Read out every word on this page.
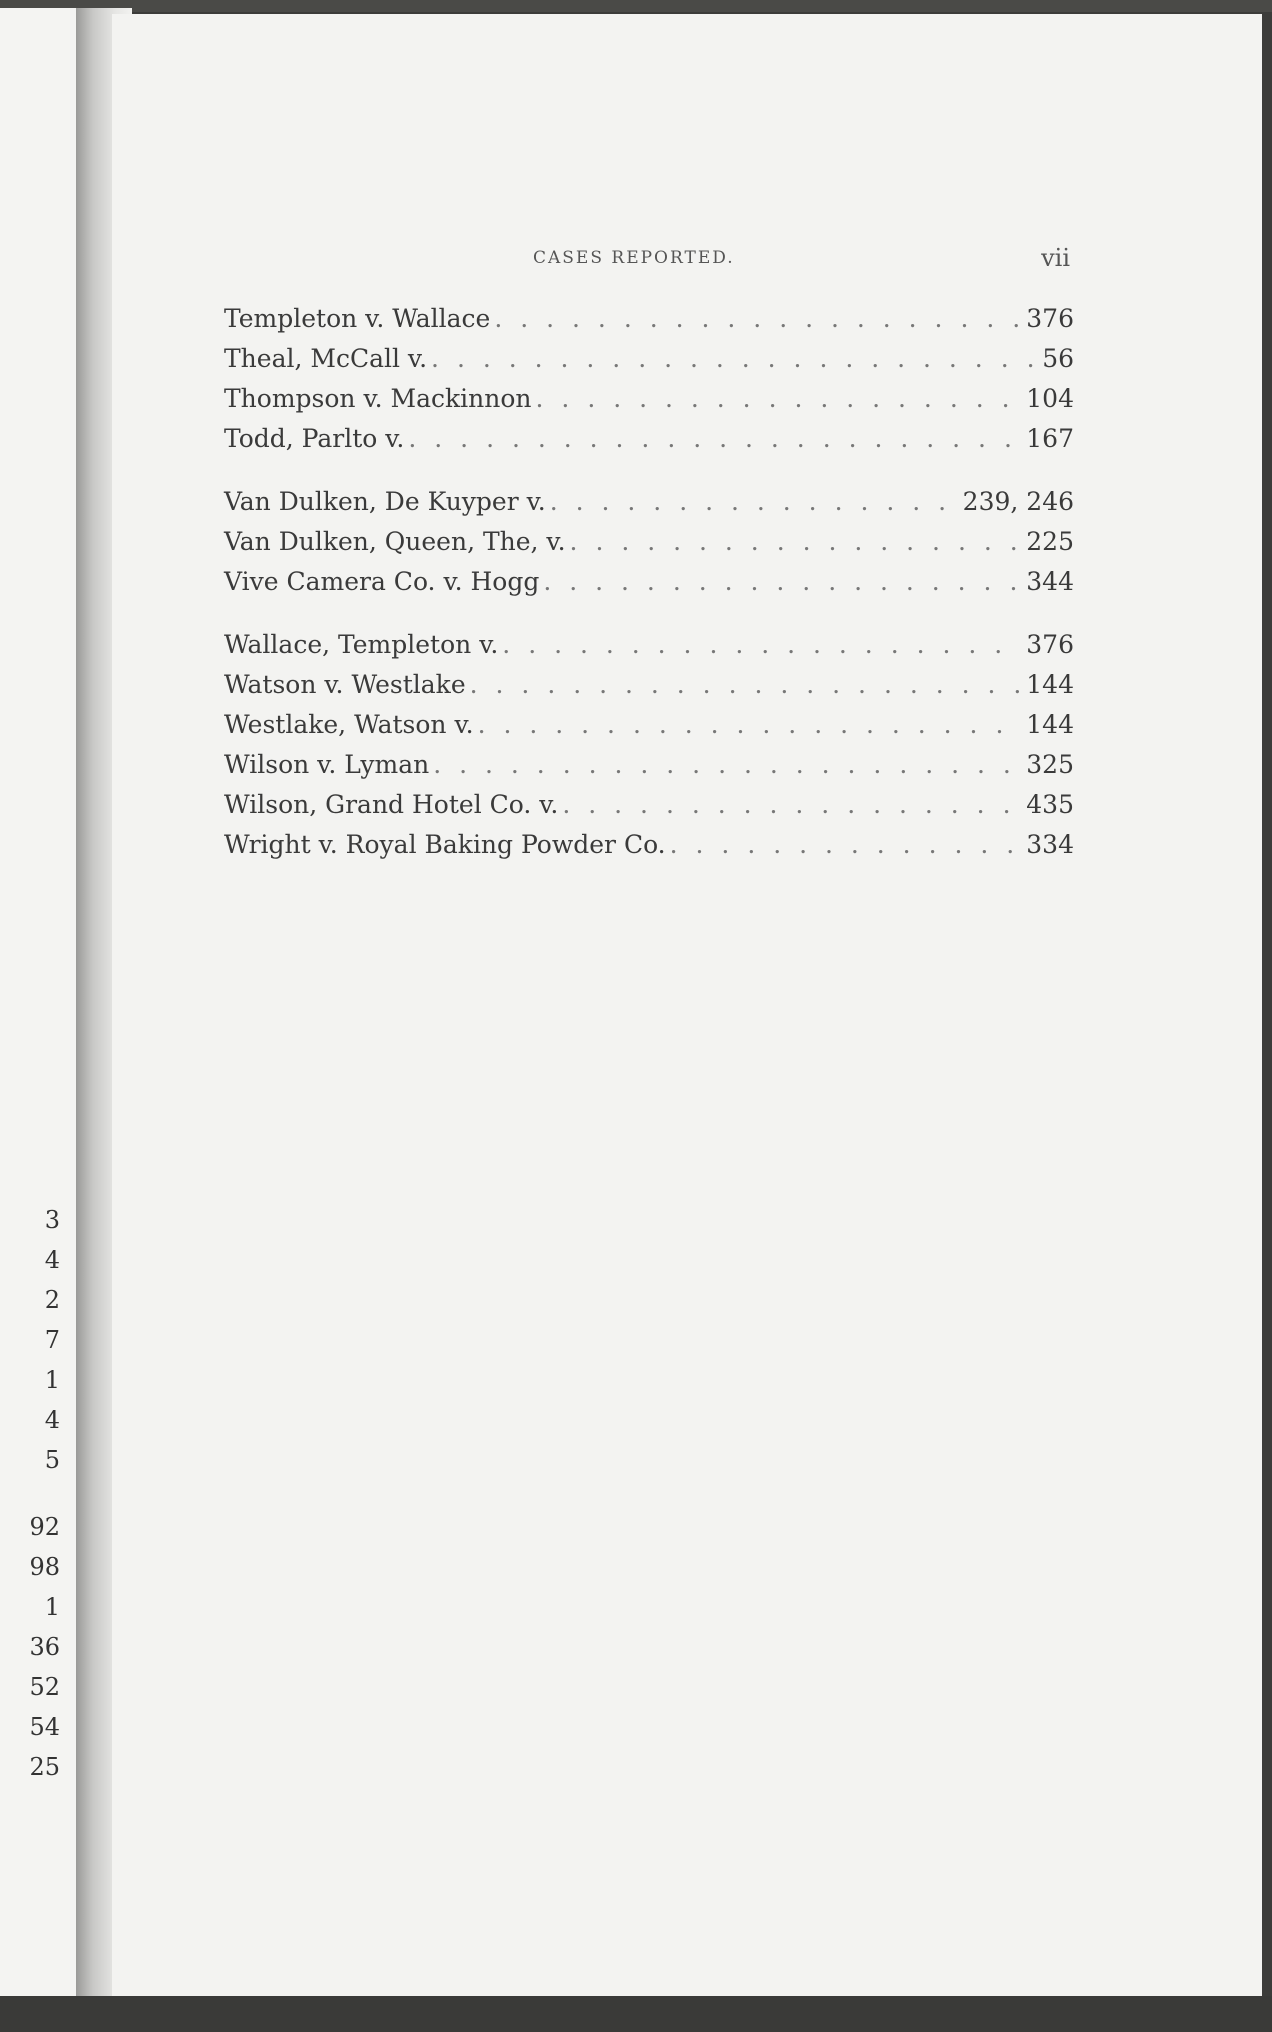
3
4
2
7
1
4
5
92
98
1
36
52
54
25
CASES REPORTED.	vii
Templeton v. Wallace . . .	376
Theal, McCall v. . . .	56
Thompson v. Mackinnon . . .	104
Todd, Parlto v. . . .	167
Van Dulken, De Kuyper v. . . .	239, 246
Van Dulken, Queen, The, v. . . .	225
Vive Camera Co. v. Hogg . . .	344
Wallace, Templeton v. . . .	376
Watson v. Westlake . . .	144
Westlake, Watson v. . . .	144
Wilson v. Lyman . . .	325
Wilson, Grand Hotel Co. v. . . .	435
Wright v. Royal Baking Powder Co. . . .	334
